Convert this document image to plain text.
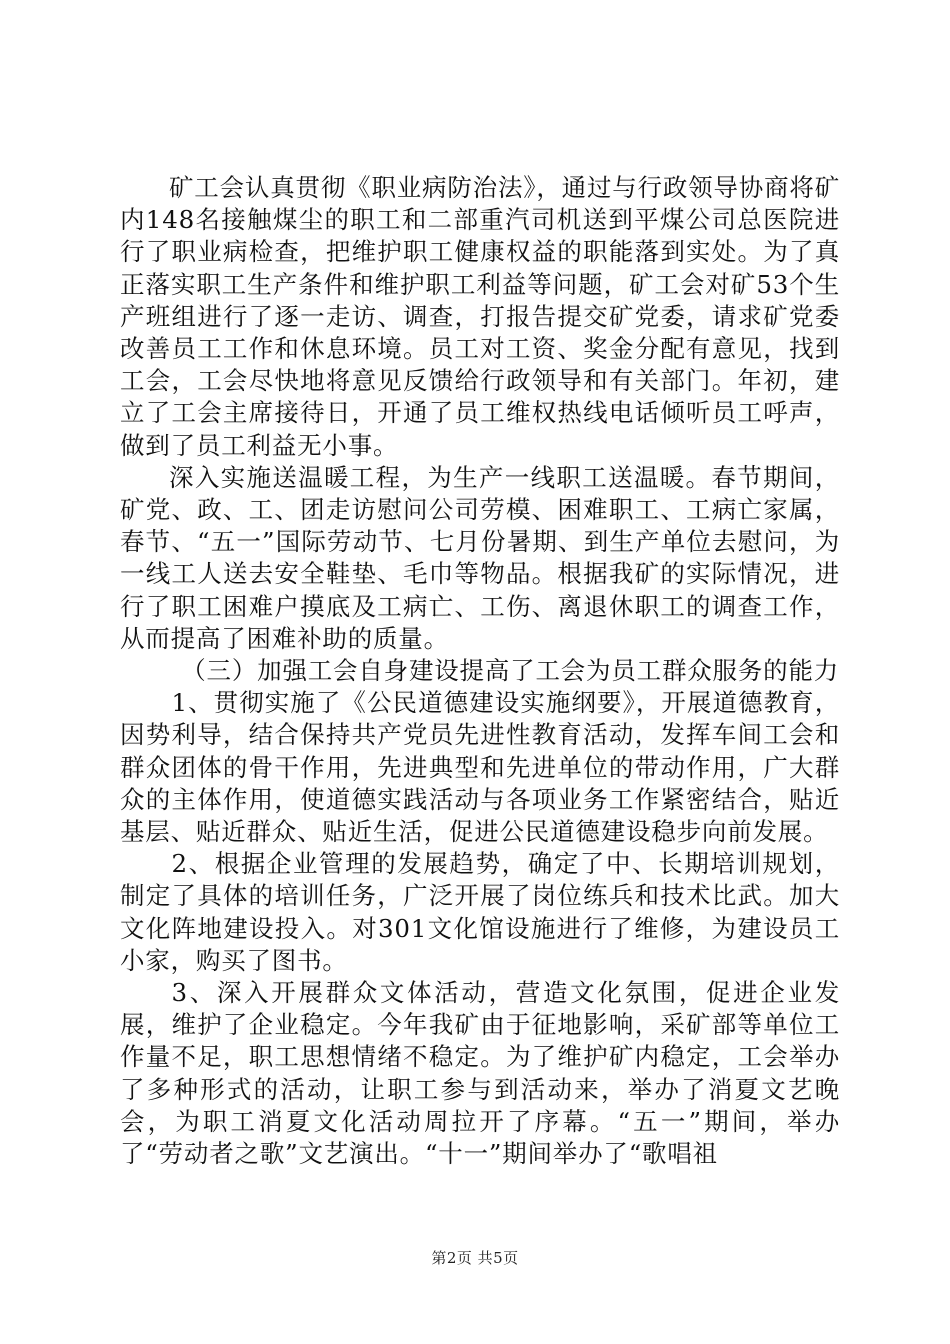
矿工会认真贯彻《职业病防治法》，通过与行政领导协商将矿内148名接触煤尘的职工和二部重汽司机送到平煤公司总医院进行了职业病检查，把维护职工健康权益的职能落到实处。为了真正落实职工生产条件和维护职工利益等问题，矿工会对矿53个生产班组进行了逐一走访、调查，打报告提交矿党委，请求矿党委改善员工工作和休息环境。员工对工资、奖金分配有意见，找到工会，工会尽快地将意见反馈给行政领导和有关部门。年初，建立了工会主席接待日，开通了员工维权热线电话倾听员工呼声，做到了员工利益无小事。

深入实施送温暖工程，为生产一线职工送温暖。春节期间，矿党、政、工、团走访慰问公司劳模、困难职工、工病亡家属，春节、“五一”国际劳动节、七月份暑期、到生产单位去慰问，为一线工人送去安全鞋垫、毛巾等物品。根据我矿的实际情况，进行了职工困难户摸底及工病亡、工伤、离退休职工的调查工作，从而提高了困难补助的质量。

（三）加强工会自身建设提高了工会为员工群众服务的能力

1、贯彻实施了《公民道德建设实施纲要》，开展道德教育，因势利导，结合保持共产党员先进性教育活动，发挥车间工会和群众团体的骨干作用，先进典型和先进单位的带动作用，广大群众的主体作用，使道德实践活动与各项业务工作紧密结合，贴近基层、贴近群众、贴近生活，促进公民道德建设稳步向前发展。

2、根据企业管理的发展趋势，确定了中、长期培训规划，制定了具体的培训任务，广泛开展了岗位练兵和技术比武。加大文化阵地建设投入。对301文化馆设施进行了维修，为建设员工小家，购买了图书。

3、深入开展群众文体活动，营造文化氛围，促进企业发展，维护了企业稳定。今年我矿由于征地影响，采矿部等单位工作量不足，职工思想情绪不稳定。为了维护矿内稳定，工会举办了多种形式的活动，让职工参与到活动来，举办了消夏文艺晚会，为职工消夏文化活动周拉开了序幕。“五一”期间，举办了“劳动者之歌”文艺演出。“十一”期间举办了“歌唱祖

第2页 共5页
